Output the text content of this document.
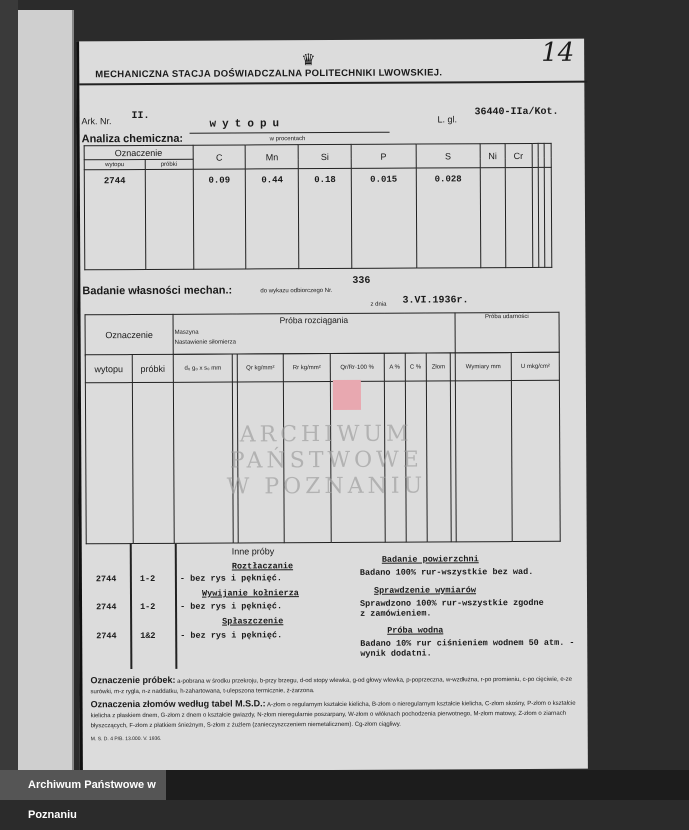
♛	14
MECHANICZNA STACJA DOŚWIADCZALNA POLITECHNIKI LWOWSKIEJ.
Ark. Nr. II.	L. gl.
36440-IIa/Kot.
Analiza chemiczna:
wytopu
w procentach
Oznaczenie		C	Mn	Si	P	S	Ni	Cr			
wytopu	próbki										
2744		0.09	0.44	0.18	0.015	0.028					
Badanie własności mechan.:	do wykazu odbiorczego Nr.
336
z dnia 3.VI.1936r.
Oznaczenie		Próba rozciągania
Maszyna
Nastawienie siłomierza									Próba udarności	

wytopu	próbki	d₀ g₀ x s₀ mm		Qr kg/mm²	Rr kg/mm²	Qr/Rr·100 %	A %	C %	Złom		Wymiary mm	U mkg/cm²

ARCHIWUM PAŃSTWOWE
W POZNANIU
Inne próby
Roztłaczanie
2744	1-2	- bez rys i pęknięć.
Wywijanie kołnierza
2744	1-2	- bez rys i pęknięć.
Spłaszczenie
2744	1&2	- bez rys i pęknięć.
Badanie powierzchni
Badano 100% rur-wszystkie bez wad.
Sprawdzenie wymiarów
Sprawdzono 100% rur-wszystkie zgodne z zamówieniem.
Próba wodna
Badano 10% rur ciśnieniem wodnem 50 atm. - wynik dodatni.
Oznaczenie próbek: a-pobrana w środku przekroju, b-przy brzegu, d-od stopy wlewka, g-od głowy wlewka, p-poprzeczna, w-wzdłużna, r-po promieniu, c-po cięciwie, e-ze surówki, m-z rygla, n-z naddatku, h-zahartowana, t-ulepszona termicznie, ż-żarzona.
Oznaczenia złomów według tabel M.S.D.: A-złom o regularnym kształcie kielicha, B-złom o nieregularnym kształcie kielicha, C-złom skośny, P-złom o kształcie kielicha z płaskiem dnem, G-złom z dnem o kształcie gwiazdy, N-złom nieregularnie poszarpany, W-złom o włóknach pochodzenia pierwotnego, M-złom matowy, Z-złom o ziarnach błyszczących, F-złom z płatkiem śnieżnym, S-złom z żużlem (zanieczyszczeniem niemetalicznem). Cg-złom ciągliwy.
M. S. D. 4 P/B. 13.000. V. 1936.
Archiwum Państwowe w Poznaniu
